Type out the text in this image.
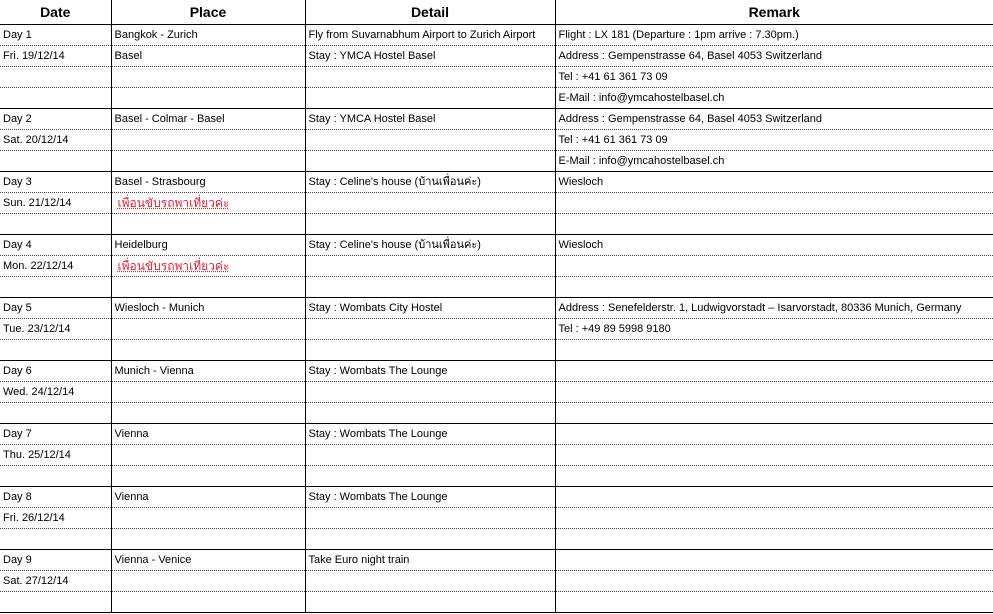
Date	Place	Detail	Remark
Day 1	Bangkok - Zurich	Fly from Suvarnabhum Airport to Zurich Airport	Flight : LX 181 (Departure : 1pm arrive : 7.30pm.)
Fri. 19/12/14	Basel	Stay : YMCA Hostel Basel	Address : Gempenstrasse 64, Basel 4053 Switzerland
			Tel : +41 61 361 73 09
			E-Mail : info@ymcahostelbasel.ch
Day 2	Basel - Colmar - Basel	Stay : YMCA Hostel Basel	Address : Gempenstrasse 64, Basel 4053 Switzerland
Sat. 20/12/14			Tel : +41 61 361 73 09
			E-Mail : info@ymcahostelbasel.ch
Day 3	Basel - Strasbourg	Stay : Celine's house (บ้านเพื่อนค่ะ)	Wiesloch
Sun. 21/12/14	เพื่อนขับรถพาเที่ยวค่ะ		

Day 4	Heidelburg	Stay : Celine's house (บ้านเพื่อนค่ะ)	Wiesloch
Mon. 22/12/14	เพื่อนขับรถพาเที่ยวค่ะ		

Day 5	Wiesloch - Munich	Stay : Wombats City Hostel	Address : Senefelderstr. 1, Ludwigvorstadt – Isarvorstadt, 80336 Munich, Germany
Tue. 23/12/14			Tel : +49 89 5998 9180

Day 6	Munich - Vienna	Stay : Wombats The Lounge	
Wed. 24/12/14			

Day 7	Vienna	Stay : Wombats The Lounge	
Thu. 25/12/14			

Day 8	Vienna	Stay : Wombats The Lounge	
Fri. 26/12/14			

Day 9	Vienna - Venice	Take Euro night train	
Sat. 27/12/14			
